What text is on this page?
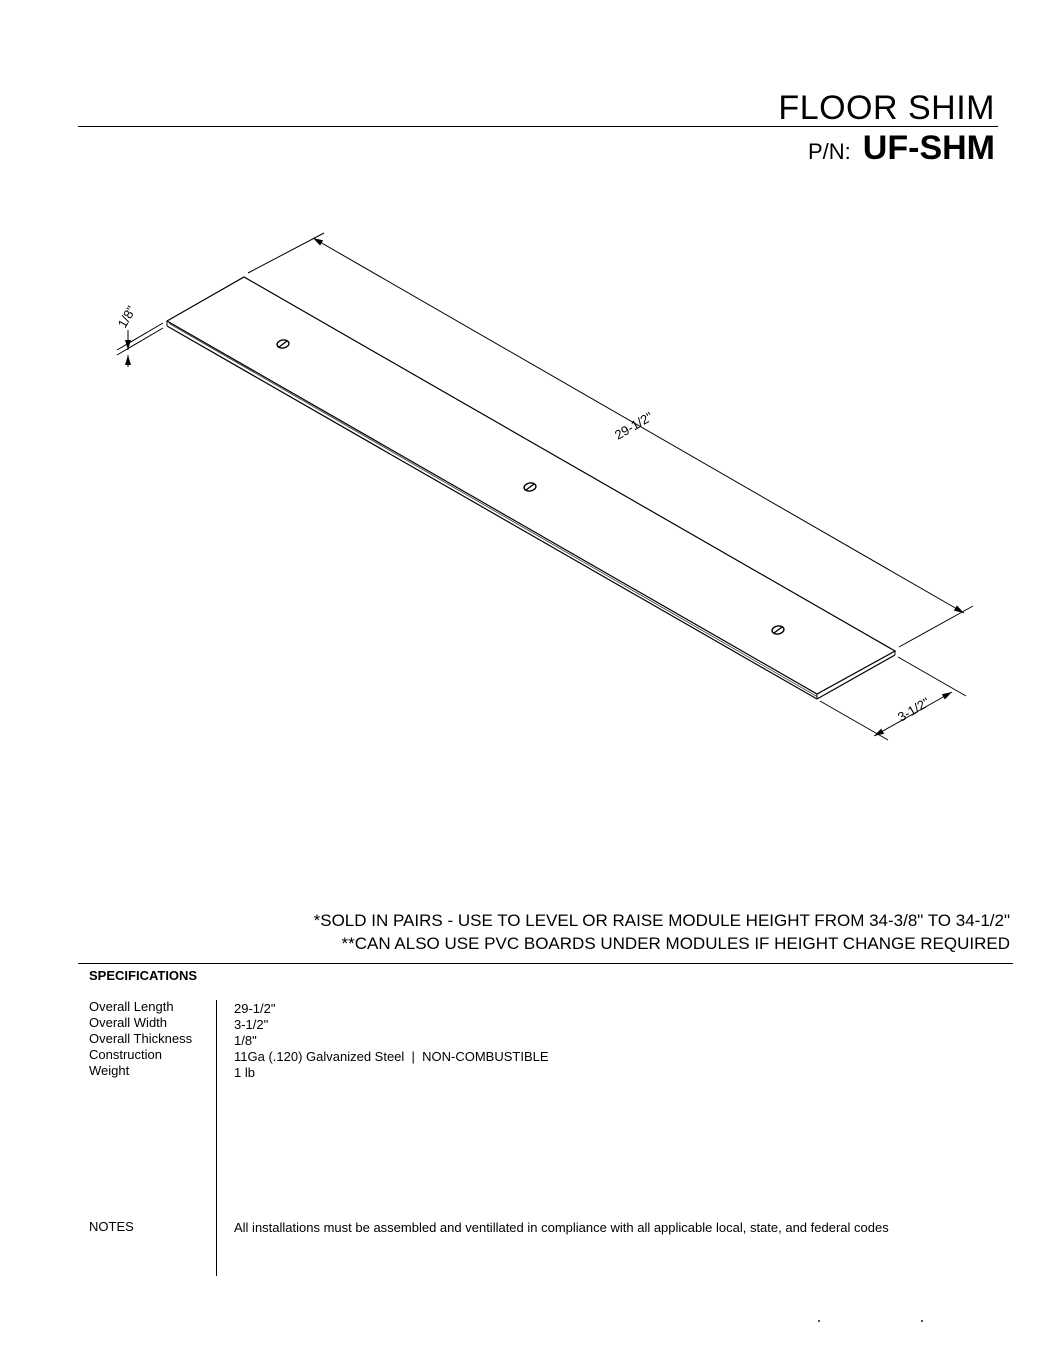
FLOOR SHIM
P/N: UF-SHM
29-1/2"
3-1/2"
1/8"
*SOLD IN PAIRS - USE TO LEVEL OR RAISE MODULE HEIGHT FROM 34-3/8" TO 34-1/2"
**CAN ALSO USE PVC BOARDS UNDER MODULES IF HEIGHT CHANGE REQUIRED
SPECIFICATIONS
Overall Length
Overall Width
Overall Thickness
Construction
Weight
29-1/2"
3-1/2"
1/8"
11Ga (.120) Galvanized Steel  |  NON-COMBUSTIBLE
1 lb
NOTES	All installations must be assembled and ventillated in compliance with all applicable local, state, and federal codes
